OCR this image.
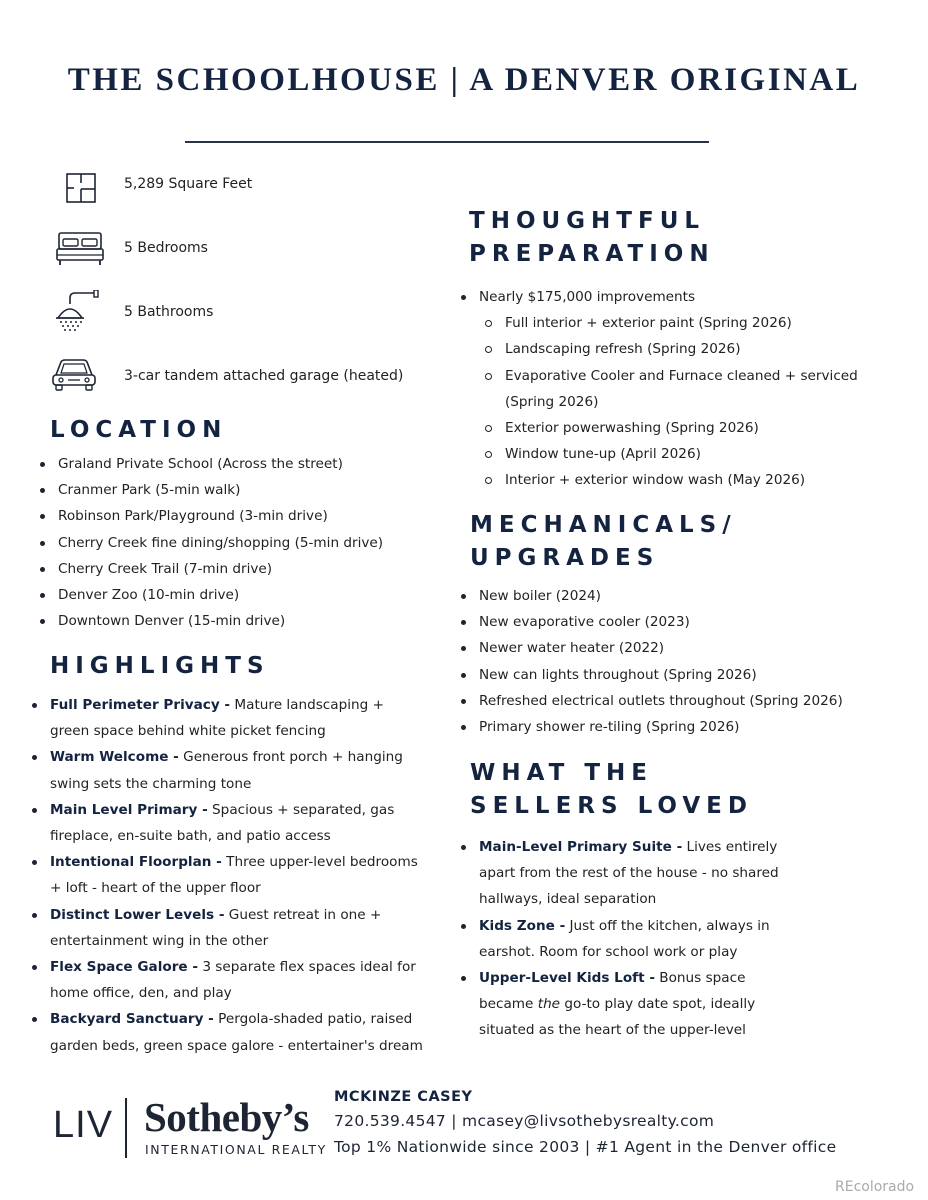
THE SCHOOLHOUSE | A DENVER ORIGINAL
5,289 Square Feet
5 Bedrooms
5 Bathrooms
3-car tandem attached garage (heated)
LOCATION
Graland Private School (Across the street)
Cranmer Park (5-min walk)
Robinson Park/Playground (3-min drive)
Cherry Creek fine dining/shopping (5-min drive)
Cherry Creek Trail (7-min drive)
Denver Zoo (10-min drive)
Downtown Denver (15-min drive)
HIGHLIGHTS
Full Perimeter Privacy - Mature landscaping + green space behind white picket fencing
Warm Welcome - Generous front porch + hanging swing sets the charming tone
Main Level Primary - Spacious + separated, gas fireplace, en-suite bath, and patio access
Intentional Floorplan - Three upper-level bedrooms + loft - heart of the upper floor
Distinct Lower Levels - Guest retreat in one + entertainment wing in the other
Flex Space Galore - 3 separate flex spaces ideal for home office, den, and play
Backyard Sanctuary - Pergola-shaded patio, raised garden beds, green space galore - entertainer's dream
THOUGHTFUL
PREPARATION
Nearly $175,000 improvements
Full interior + exterior paint (Spring 2026)
Landscaping refresh (Spring 2026)
Evaporative Cooler and Furnace cleaned + serviced
(Spring 2026)
Exterior powerwashing (Spring 2026)
Window tune-up (April 2026)
Interior + exterior window wash (May 2026)
MECHANICALS/
UPGRADES
New boiler (2024)
New evaporative cooler (2023)
Newer water heater (2022)
New can lights throughout (Spring 2026)
Refreshed electrical outlets throughout (Spring 2026)
Primary shower re-tiling (Spring 2026)
WHAT THE
SELLERS LOVED
Main-Level Primary Suite - Lives entirely apart from the rest of the house - no shared hallways, ideal separation
Kids Zone - Just off the kitchen, always in earshot. Room for school work or play
Upper-Level Kids Loft - Bonus space became the go-to play date spot, ideally situated as the heart of the upper-level
LIV Sotheby’s
INTERNATIONAL REALTY
MCKINZE CASEY
720.539.4547 | mcasey@livsothebysrealty.com
Top 1% Nationwide since 2003 | #1 Agent in the Denver office
REcolorado
